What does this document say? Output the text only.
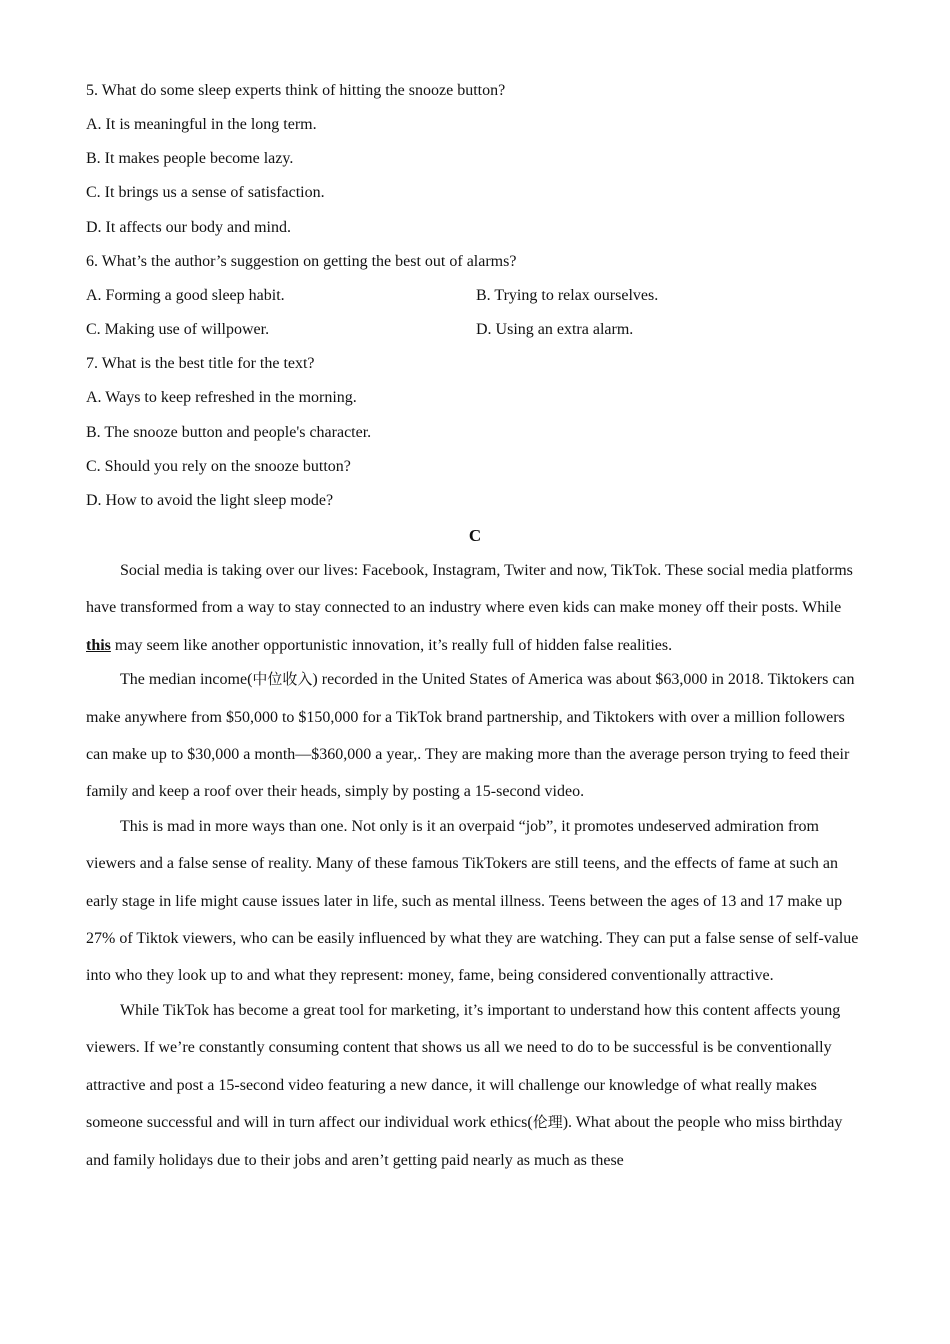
5. What do some sleep experts think of hitting the snooze button?
A. It is meaningful in the long term.
B. It makes people become lazy.
C. It brings us a sense of satisfaction.
D. It affects our body and mind.
6. What’s the author’s suggestion on getting the best out of alarms?
A. Forming a good sleep habit.	B. Trying to relax ourselves.
C. Making use of willpower.	D. Using an extra alarm.
7. What is the best title for the text?
A. Ways to keep refreshed in the morning.
B. The snooze button and people's character.
C. Should you rely on the snooze button?
D. How to avoid the light sleep mode?
C

Social media is taking over our lives: Facebook, Instagram, Twiter and now, TikTok. These social media platforms have transformed from a way to stay connected to an industry where even kids can make money off their posts. While this may seem like another opportunistic innovation, it’s really full of hidden false realities.

The median income(中位收入) recorded in the United States of America was about $63,000 in 2018. Tiktokers can make anywhere from $50,000 to $150,000 for a TikTok brand partnership, and Tiktokers with over a million followers can make up to $30,000 a month—$360,000 a year,. They are making more than the average person trying to feed their family and keep a roof over their heads, simply by posting a 15-second video.

This is mad in more ways than one. Not only is it an overpaid “job”, it promotes undeserved admiration from viewers and a false sense of reality. Many of these famous TikTokers are still teens, and the effects of fame at such an early stage in life might cause issues later in life, such as mental illness. Teens between the ages of 13 and 17 make up 27% of Tiktok viewers, who can be easily influenced by what they are watching. They can put a false sense of self-value into who they look up to and what they represent: money, fame, being considered conventionally attractive.

While TikTok has become a great tool for marketing, it’s important to understand how this content affects young viewers. If we’re constantly consuming content that shows us all we need to do to be successful is be conventionally attractive and post a 15-second video featuring a new dance, it will challenge our knowledge of what really makes someone successful and will in turn affect our individual work ethics(伦理). What about the people who miss birthday and family holidays due to their jobs and aren’t getting paid nearly as much as these
